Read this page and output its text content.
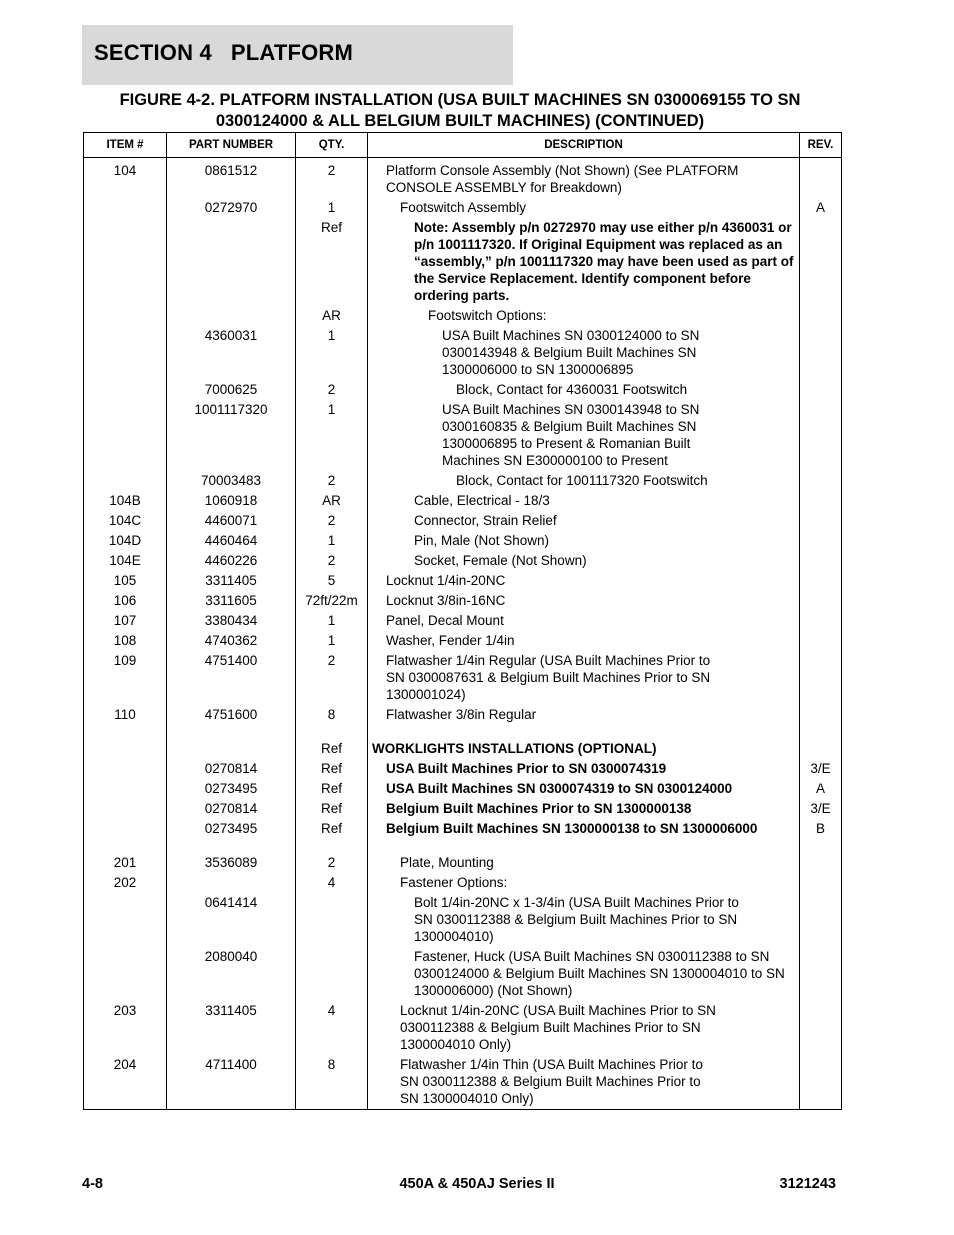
SECTION 4   PLATFORM
FIGURE 4-2. PLATFORM INSTALLATION (USA BUILT MACHINES SN 0300069155 TO SN
0300124000 & ALL BELGIUM BUILT MACHINES) (CONTINUED)
ITEM #	PART NUMBER	QTY.	DESCRIPTION	REV.
104	0861512	2	Platform Console Assembly (Not Shown) (See PLATFORM CONSOLE ASSEMBLY for Breakdown)	
	0272970	1	Footswitch Assembly	A
		Ref	Note: Assembly p/n 0272970 may use either p/n 4360031 or p/n 1001117320. If Original Equipment was replaced as an “assembly,” p/n 1001117320 may have been used as part of the Service Replacement. Identify component before ordering parts.	
		AR	Footswitch Options:	
	4360031	1	USA Built Machines SN 0300124000 to SN 0300143948 & Belgium Built Machines SN 1300006000 to SN 1300006895	
	7000625	2	Block, Contact for 4360031 Footswitch	
	1001117320	1	USA Built Machines SN 0300143948 to SN 0300160835 & Belgium Built Machines SN 1300006895 to Present & Romanian Built Machines SN E300000100 to Present	
	70003483	2	Block, Contact for 1001117320 Footswitch	
104B	1060918	AR	Cable, Electrical - 18/3	
104C	4460071	2	Connector, Strain Relief	
104D	4460464	1	Pin, Male (Not Shown)	
104E	4460226	2	Socket, Female (Not Shown)	
105	3311405	5	Locknut 1/4in-20NC	
106	3311605	72ft/22m	Locknut 3/8in-16NC	
107	3380434	1	Panel, Decal Mount	
108	4740362	1	Washer, Fender 1/4in	
109	4751400	2	Flatwasher 1/4in Regular (USA Built Machines Prior to SN 0300087631 & Belgium Built Machines Prior to SN 1300001024)	
110	4751600	8	Flatwasher 3/8in Regular	

		Ref	WORKLIGHTS INSTALLATIONS (OPTIONAL)	
	0270814	Ref	USA Built Machines Prior to SN 0300074319	3/E
	0273495	Ref	USA Built Machines SN 0300074319 to SN 0300124000	A
	0270814	Ref	Belgium Built Machines Prior to SN 1300000138	3/E
	0273495	Ref	Belgium Built Machines SN 1300000138 to SN 1300006000	B

201	3536089	2	Plate, Mounting	
202		4	Fastener Options:	
	0641414		Bolt 1/4in-20NC x 1-3/4in (USA Built Machines Prior to SN 0300112388 & Belgium Built Machines Prior to SN 1300004010)	
	2080040		Fastener, Huck (USA Built Machines SN 0300112388 to SN 0300124000 & Belgium Built Machines SN 1300004010 to SN 1300006000) (Not Shown)	
203	3311405	4	Locknut 1/4in-20NC (USA Built Machines Prior to SN 0300112388 & Belgium Built Machines Prior to SN 1300004010 Only)	
204	4711400	8	Flatwasher 1/4in Thin (USA Built Machines Prior to SN 0300112388 & Belgium Built Machines Prior to SN 1300004010 Only)	
4-8	450A & 450AJ Series II	3121243
